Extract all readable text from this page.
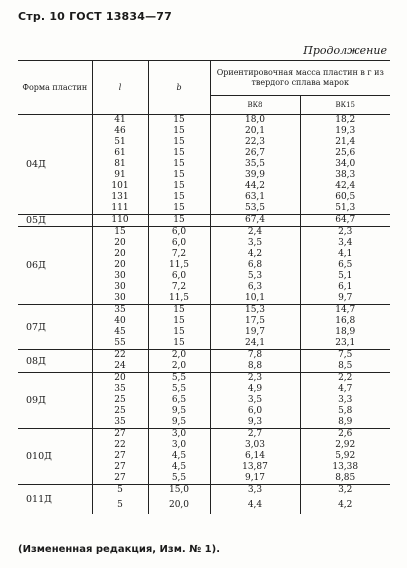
Стр. 10 ГОСТ 13834—77
Продолжение
Форма пластин	l	b	Ориентировочная масса пластин в г из твердого сплава марок	
			ВК8	ВК15
04Д	41	15	18,0	18,2
	46	15	20,1	19,3
	51	15	22,3	21,4
	61	15	26,7	25,6
	81	15	35,5	34,0
	91	15	39,9	38,3
	101	15	44,2	42,4
	131	15	63,1	60,5
	111	15	53,5	51,3
05Д	110	15	67,4	64,7
06Д	15	6,0	2,4	2,3
	20	6,0	3,5	3,4
	20	7,2	4,2	4,1
	20	11,5	6,8	6,5
	30	6,0	5,3	5,1
	30	7,2	6,3	6,1
	30	11,5	10,1	9,7
07Д	35	15	15,3	14,7
	40	15	17,5	16,8
	45	15	19,7	18,9
	55	15	24,1	23,1
08Д	22	2,0	7,8	7,5
	24	2,0	8,8	8,5
09Д	20	5,5	2,3	2,2
	35	5,5	4,9	4,7
	25	6,5	3,5	3,3
	25	9,5	6,0	5,8
	35	9,5	9,3	8,9
010Д	27	3,0	2,7	2,6
	22	3,0	3,03	2,92
	27	4,5	6,14	5,92
	27	4,5	13,87	13,38
	27	5,5	9,17	8,85
011Д	5	15,0	3,3	3,2
	5	20,0	4,4	4,2
(Измененная редакция, Изм. № 1).
